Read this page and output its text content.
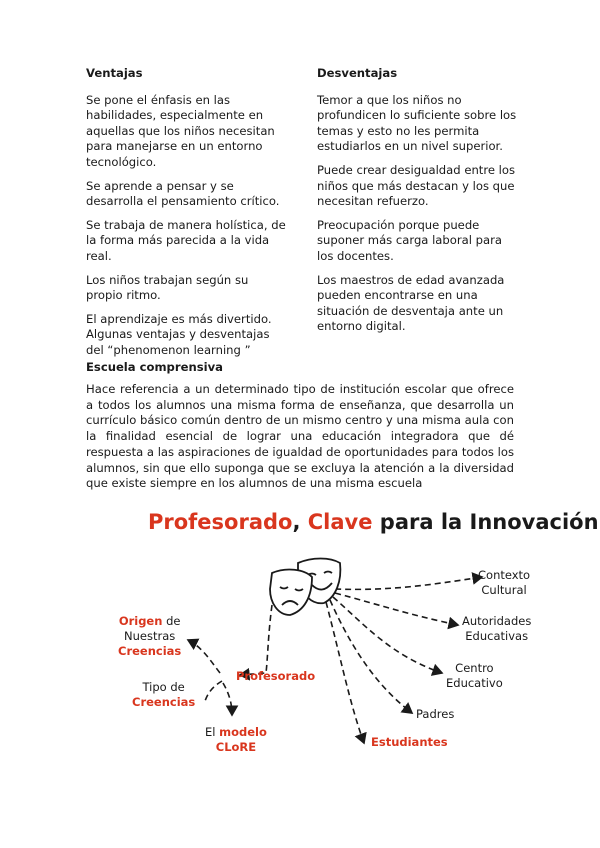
Ventajas

Se pone el énfasis en las habilidades, especialmente en aquellas que los niños necesitan para manejarse en un entorno tecnológico.

Se aprende a pensar y se desarrolla el pensamiento crítico.

Se trabaja de manera holística, de la forma más parecida a la vida real.

Los niños trabajan según su propio ritmo.

El aprendizaje es más divertido. Algunas ventajas y desventajas del “phenomenon learning ”

Desventajas

Temor a que los niños no profundicen lo suficiente sobre los temas y esto no les permita estudiarlos en un nivel superior.

Puede crear desigualdad entre los niños que más destacan y los que necesitan refuerzo.

Preocupación porque puede suponer más carga laboral para los docentes.

Los maestros de edad avanzada pueden encontrarse en una situación de desventaja ante un entorno digital.

Escuela comprensiva
Hace referencia a un determinado tipo de institución escolar que ofrece a todos los alumnos una misma forma de enseñanza, que desarrolla un currículo básico común dentro de un mismo centro y una misma aula con la finalidad esencial de lograr una educación integradora que dé respuesta a las aspiraciones de igualdad de oportunidades para todos los alumnos, sin que ello suponga que se excluya la atención a la diversidad que existe siempre en los alumnos de una misma escuela
Profesorado, Clave para la Innovación
Contexto
Cultural
Autoridades
Educativas
Centro
Educativo
Padres
Estudiantes
Profesorado
Origen de
Nuestras
Creencias
Tipo de
Creencias
El modelo
CLoRE
